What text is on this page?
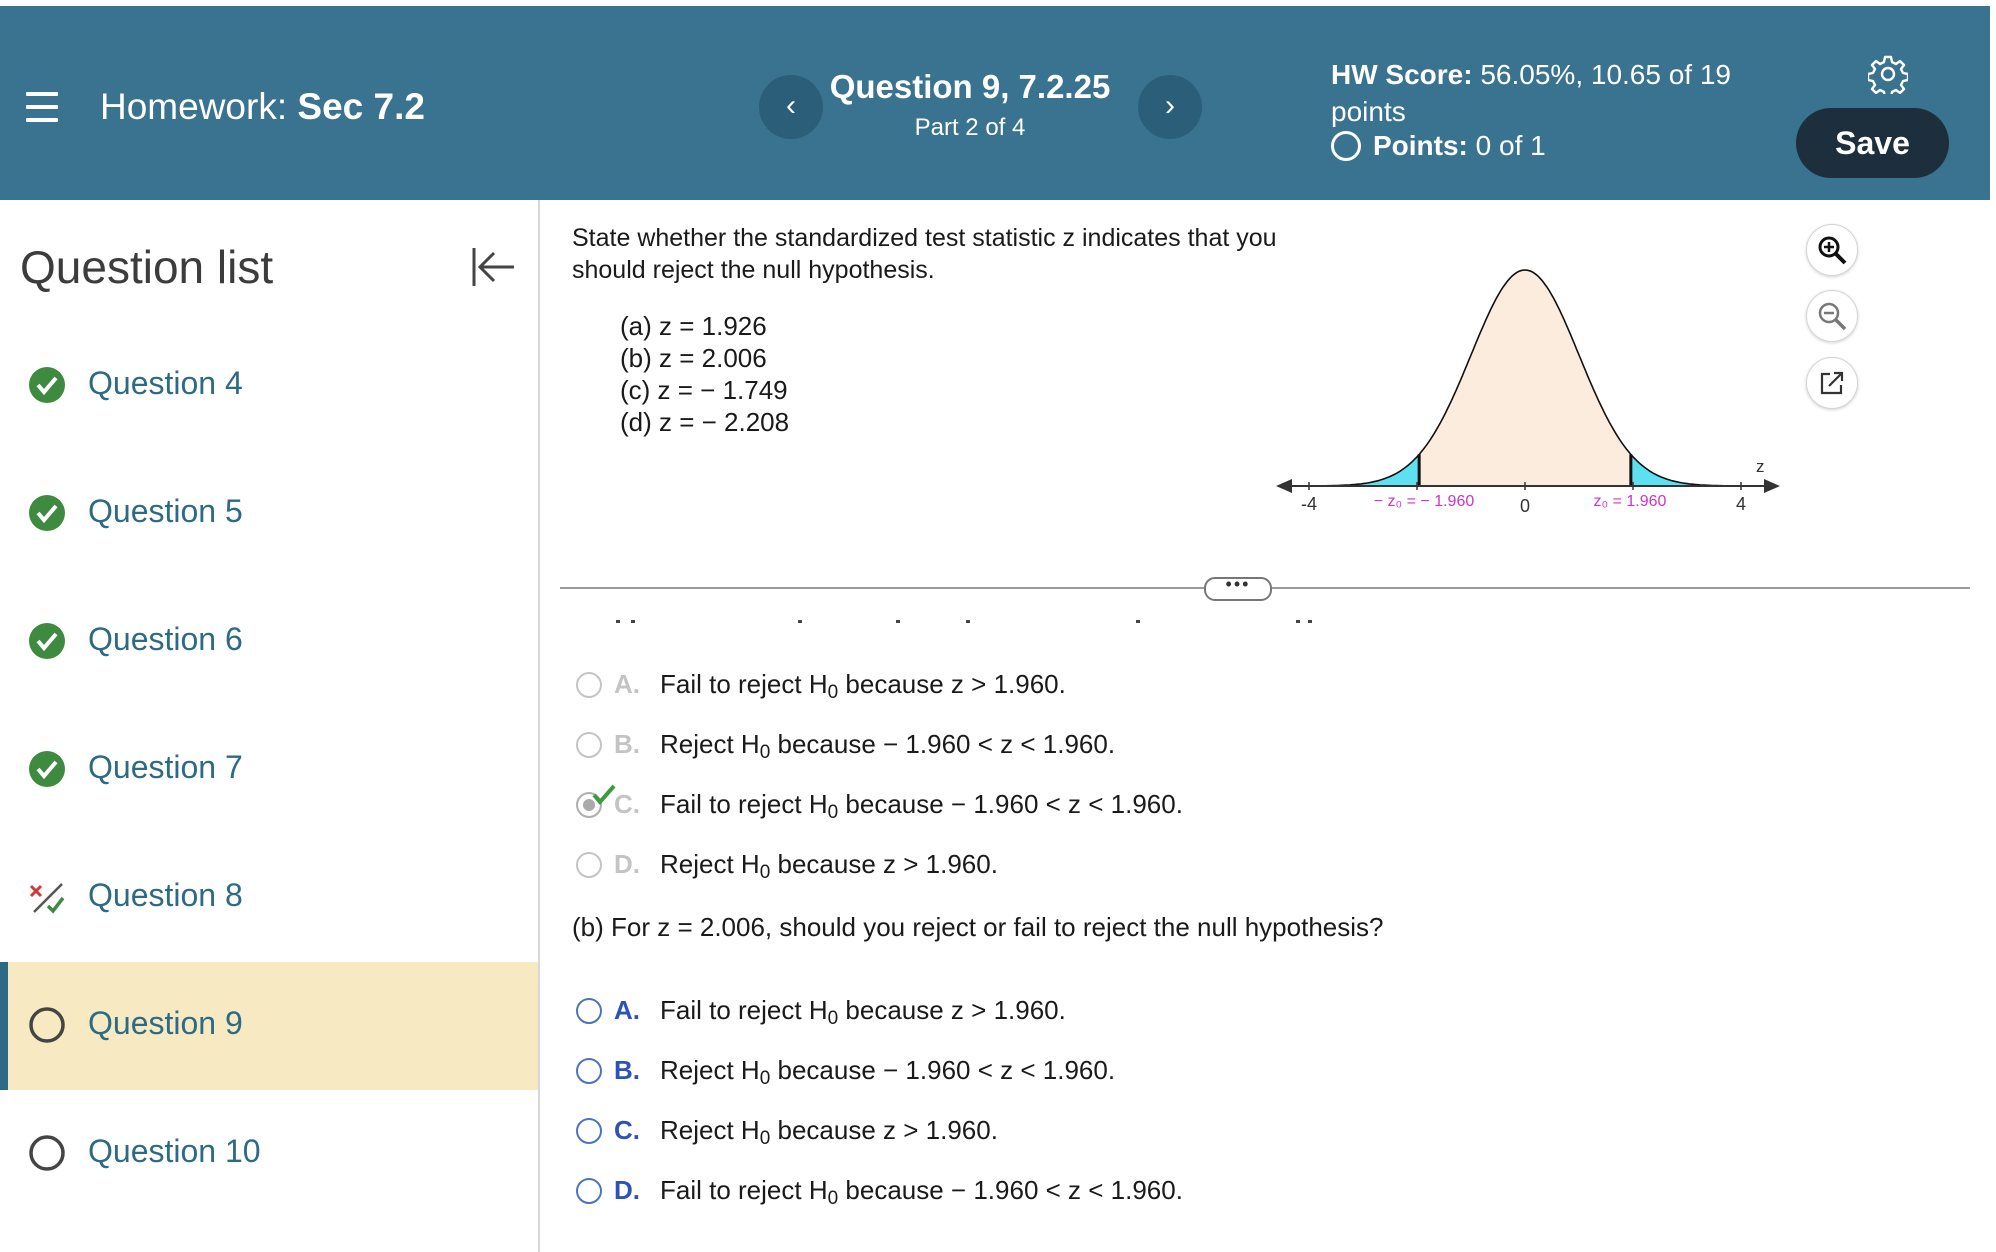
Homework: Sec 7.2	‹
Question 9, 7.2.25
Part 2 of 4
›
HW Score: 56.05%, 10.65 of 19 points
Points: 0 of 1	Save
Question list
Question 4
Question 5
Question 6
Question 7
Question 8
Question 9
Question 10
State whether the standardized test statistic z indicates that you should reject the null hypothesis.
(a) z = 1.926
(b) z = 2.006
(c) z = − 1.749
(d) z = − 2.208
z
-4	0	4
− z₀ = − 1.960	z₀ = 1.960
•••
A. Fail to reject $H_0$ because z > 1.960.
B. Reject $H_0$ because − 1.960 < z < 1.960.
C. Fail to reject $H_0$ because − 1.960 < z < 1.960.
D. Reject $H_0$ because z > 1.960.
(b) For z = 2.006, should you reject or fail to reject the null hypothesis?
A. Fail to reject $H_0$ because z > 1.960.
B. Reject $H_0$ because − 1.960 < z < 1.960.
C. Reject $H_0$ because z > 1.960.
D. Fail to reject $H_0$ because − 1.960 < z < 1.960.
